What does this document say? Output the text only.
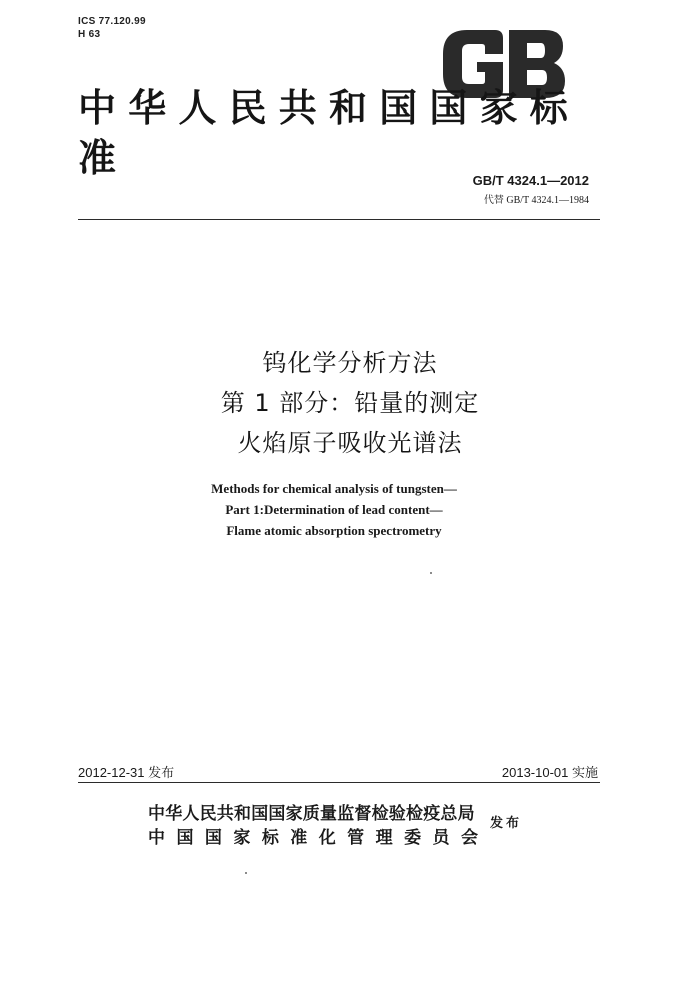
ICS 77.120.99
H 63
中华人民共和国国家标准
GB/T 4324.1—2012
代替 GB/T 4324.1—1984
钨化学分析方法
第 1 部分：铅量的测定
火焰原子吸收光谱法
Methods for chemical analysis of tungsten—
Part 1:Determination of lead content—
Flame atomic absorption spectrometry
2012-12-31 发布	2013-10-01 实施
中华人民共和国国家质量监督检验检疫总局
中 国 国 家 标 准 化 管 理 委 员 会
发布
